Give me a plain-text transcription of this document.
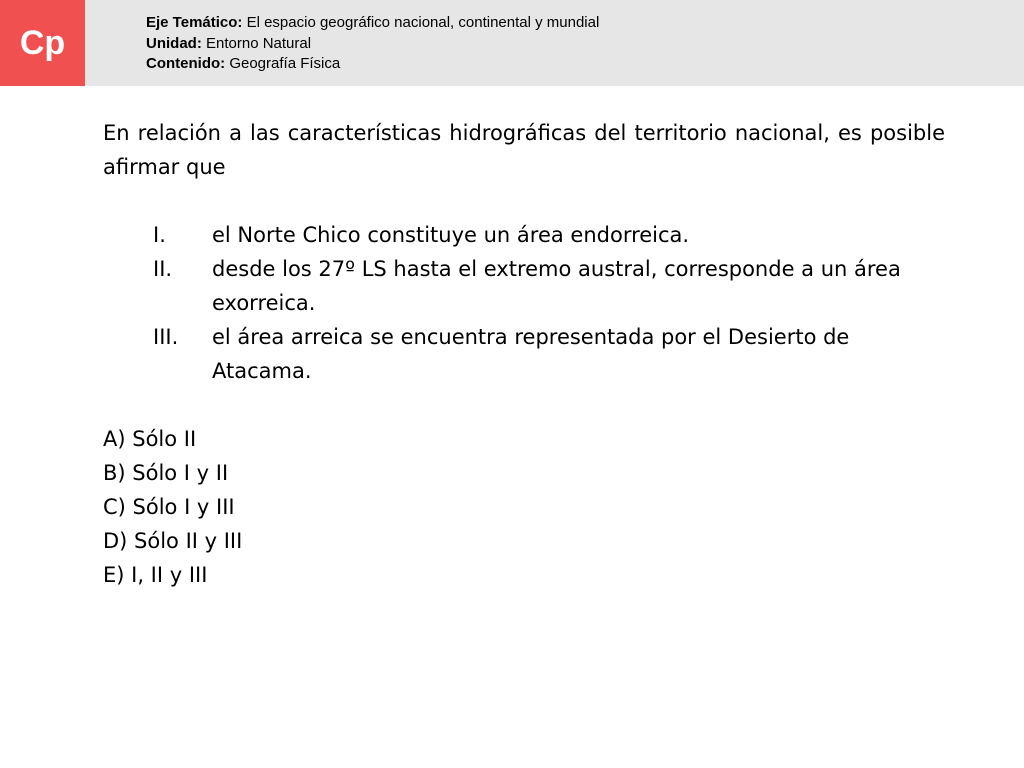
Cp
Eje Temático: El espacio geográfico nacional, continental y mundial
Unidad: Entorno Natural
Contenido: Geografía Física

En relación a las características hidrográficas del territorio nacional, es posible afirmar que

I. el Norte Chico constituye un área endorreica.
II. desde los 27º LS hasta el extremo austral, corresponde a un área exorreica.
III. el área arreica se encuentra representada por el Desierto de Atacama.
A) Sólo II
B) Sólo I y II
C) Sólo I y III
D) Sólo II y III
E) I, II y III
